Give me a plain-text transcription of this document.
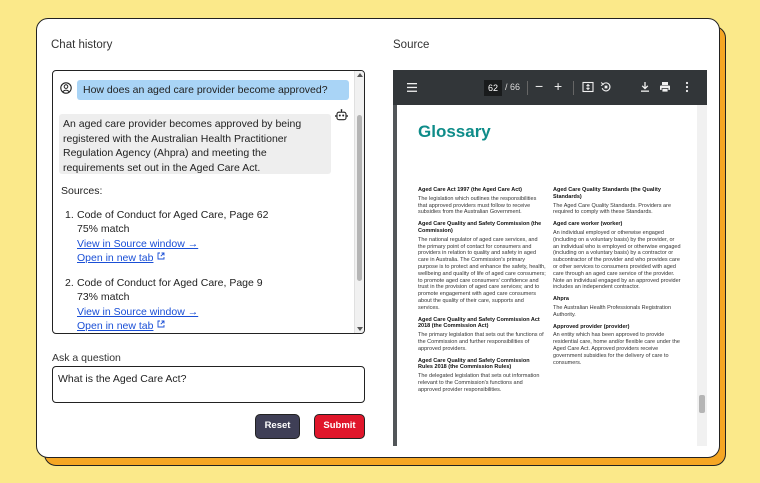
Chat history	Source
How does an aged care provider become approved?
An aged care provider becomes approved by being registered with the Australian Health Practitioner Regulation Agency (Ahpra) and meeting the requirements set out in the Aged Care Act.
Sources:
1. Code of Conduct for Aged Care, Page 62
75% match
View in Source window →
Open in new tab
2. Code of Conduct for Aged Care, Page 9
73% match
View in Source window →
Open in new tab
Ask a question
What is the Aged Care Act?
Reset	Submit
62 / 66 − +
Glossary
Aged Care Act 1997 (the Aged Care Act)
The legislation which outlines the responsibilities that approved providers must follow to receive subsidies from the Australian Government.
Aged Care Quality and Safety Commission (the Commission)
The national regulator of aged care services, and the primary point of contact for consumers and providers in relation to quality and safety in aged care in Australia. The Commission's primary purpose is to protect and enhance the safety, health, wellbeing and quality of life of aged care consumers; to promote aged care consumers' confidence and trust in the provision of aged care services; and to promote engagement with aged care consumers about the quality of their care, supports and services.
Aged Care Quality and Safety Commission Act 2018 (the Commission Act)
The primary legislation that sets out the functions of the Commission and further responsibilities of approved providers.
Aged Care Quality and Safety Commission Rules 2018 (the Commission Rules)
The delegated legislation that sets out information relevant to the Commission's functions and approved provider responsibilities.
Aged Care Quality Standards (the Quality Standards)
The Aged Care Quality Standards. Providers are required to comply with these Standards.
Aged care worker (worker)
An individual employed or otherwise engaged (including on a voluntary basis) by the provider, or an individual who is employed or otherwise engaged (including on a voluntary basis) by a contractor or subcontractor of the provider and who provides care or other services to consumers provided with aged care through an aged care service of the provider. Note an individual engaged by an approved provider includes an independent contractor.
Ahpra
The Australian Health Professionals Registration Authority.
Approved provider (provider)
An entity which has been approved to provide residential care, home and/or flexible care under the Aged Care Act. Approved providers receive government subsidies for the delivery of care to consumers.
